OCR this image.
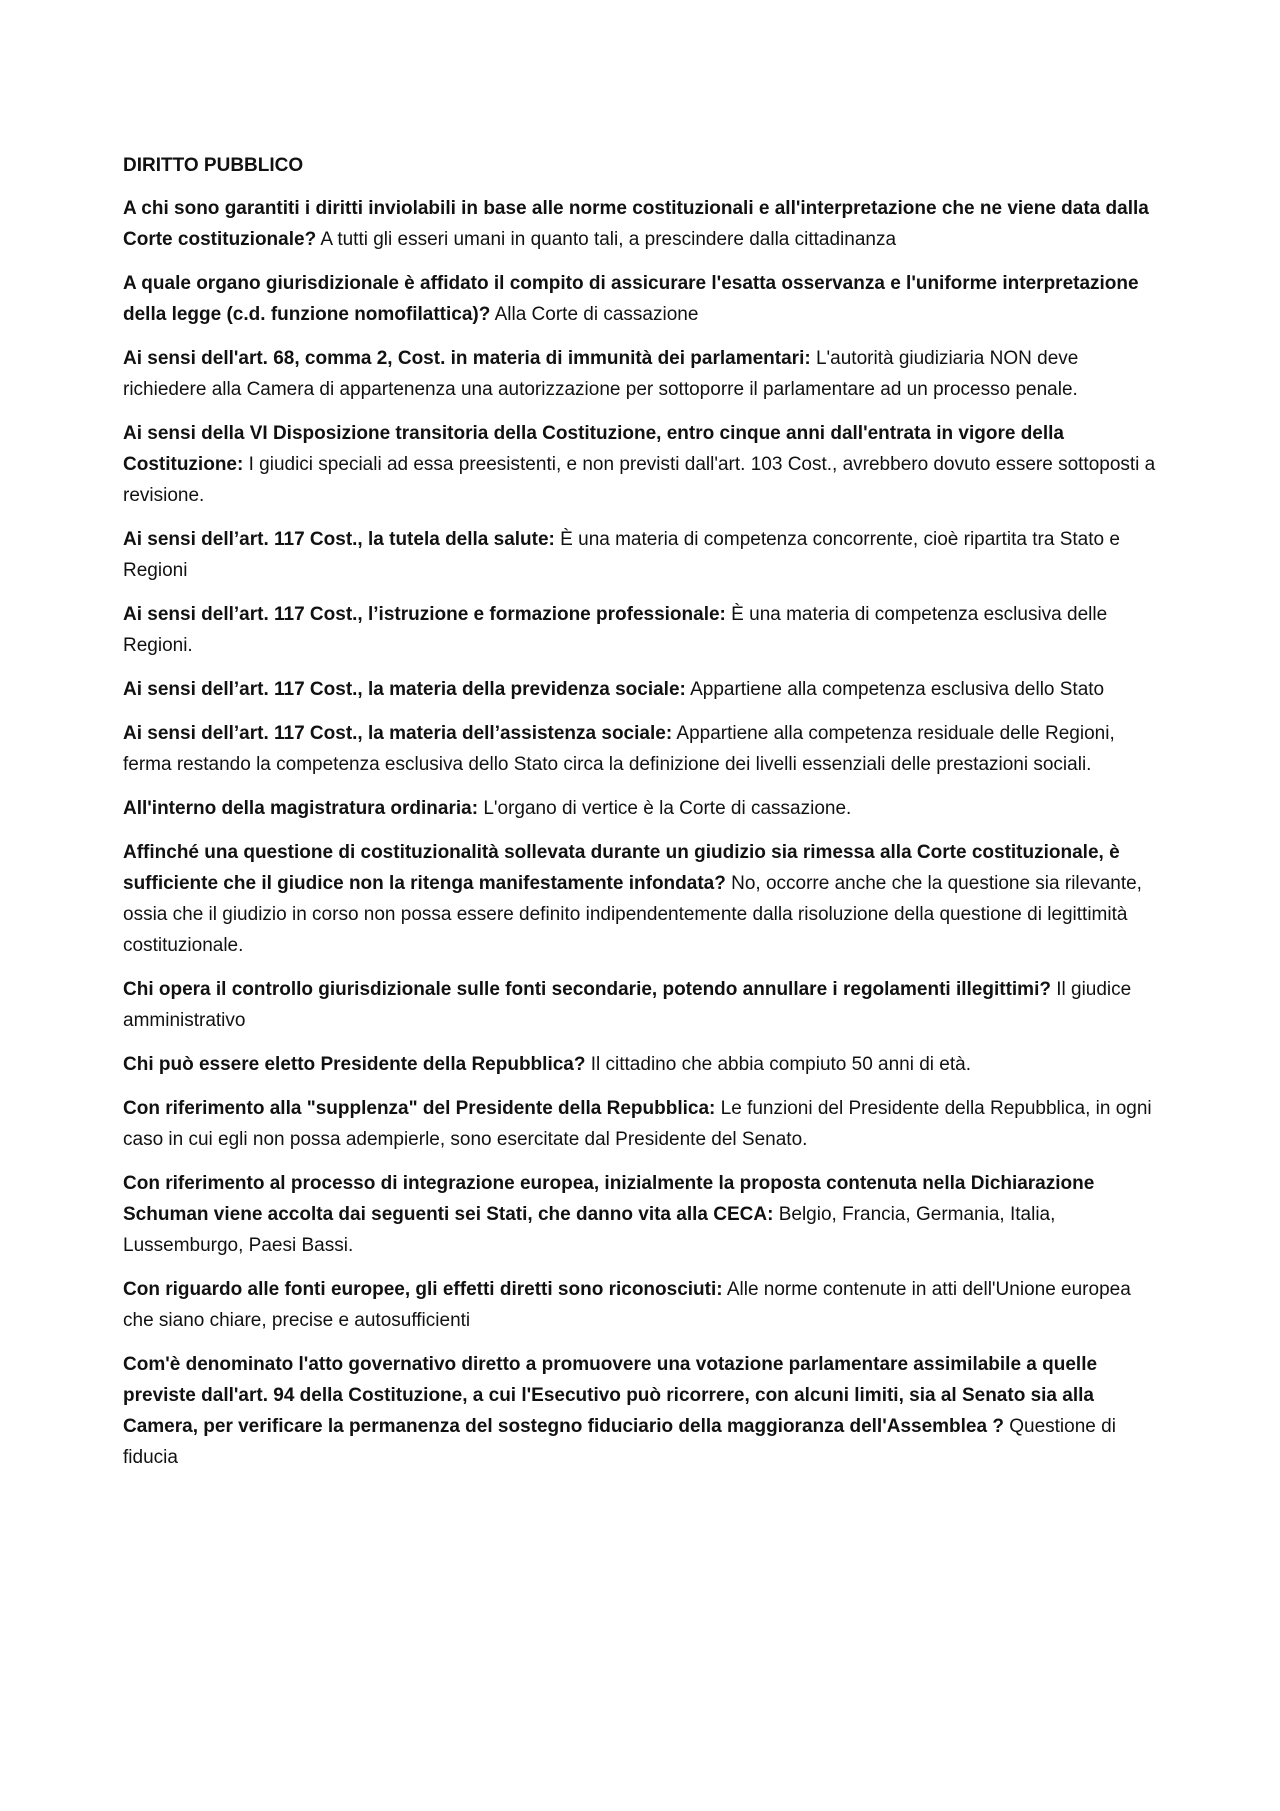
DIRITTO PUBBLICO

A chi sono garantiti i diritti inviolabili in base alle norme costituzionali e all'interpretazione che ne viene data dalla Corte costituzionale? A tutti gli esseri umani in quanto tali, a prescindere dalla cittadinanza

A quale organo giurisdizionale è affidato il compito di assicurare l'esatta osservanza e l'uniforme interpretazione della legge (c.d. funzione nomofilattica)? Alla Corte di cassazione

Ai sensi dell'art. 68, comma 2, Cost. in materia di immunità dei parlamentari: L'autorità giudiziaria NON deve richiedere alla Camera di appartenenza una autorizzazione per sottoporre il parlamentare ad un processo penale.

Ai sensi della VI Disposizione transitoria della Costituzione, entro cinque anni dall'entrata in vigore della Costituzione: I giudici speciali ad essa preesistenti, e non previsti dall'art. 103 Cost., avrebbero dovuto essere sottoposti a revisione.

Ai sensi dell’art. 117 Cost., la tutela della salute: È una materia di competenza concorrente, cioè ripartita tra Stato e Regioni

Ai sensi dell’art. 117 Cost., l’istruzione e formazione professionale: È una materia di competenza esclusiva delle Regioni.

Ai sensi dell’art. 117 Cost., la materia della previdenza sociale: Appartiene alla competenza esclusiva dello Stato

Ai sensi dell’art. 117 Cost., la materia dell’assistenza sociale: Appartiene alla competenza residuale delle Regioni, ferma restando la competenza esclusiva dello Stato circa la definizione dei livelli essenziali delle prestazioni sociali.

All'interno della magistratura ordinaria: L'organo di vertice è la Corte di cassazione.

Affinché una questione di costituzionalità sollevata durante un giudizio sia rimessa alla Corte costituzionale, è sufficiente che il giudice non la ritenga manifestamente infondata? No, occorre anche che la questione sia rilevante, ossia che il giudizio in corso non possa essere definito indipendentemente dalla risoluzione della questione di legittimità costituzionale.

Chi opera il controllo giurisdizionale sulle fonti secondarie, potendo annullare i regolamenti illegittimi? Il giudice amministrativo

Chi può essere eletto Presidente della Repubblica? Il cittadino che abbia compiuto 50 anni di età.

Con riferimento alla "supplenza" del Presidente della Repubblica: Le funzioni del Presidente della Repubblica, in ogni caso in cui egli non possa adempierle, sono esercitate dal Presidente del Senato.

Con riferimento al processo di integrazione europea, inizialmente la proposta contenuta nella Dichiarazione Schuman viene accolta dai seguenti sei Stati, che danno vita alla CECA: Belgio, Francia, Germania, Italia, Lussemburgo, Paesi Bassi.

Con riguardo alle fonti europee, gli effetti diretti sono riconosciuti: Alle norme contenute in atti dell'Unione europea che siano chiare, precise e autosufficienti

Com'è denominato l'atto governativo diretto a promuovere una votazione parlamentare assimilabile a quelle previste dall'art. 94 della Costituzione, a cui l'Esecutivo può ricorrere, con alcuni limiti, sia al Senato sia alla Camera, per verificare la permanenza del sostegno fiduciario della maggioranza dell'Assemblea ? Questione di fiducia
